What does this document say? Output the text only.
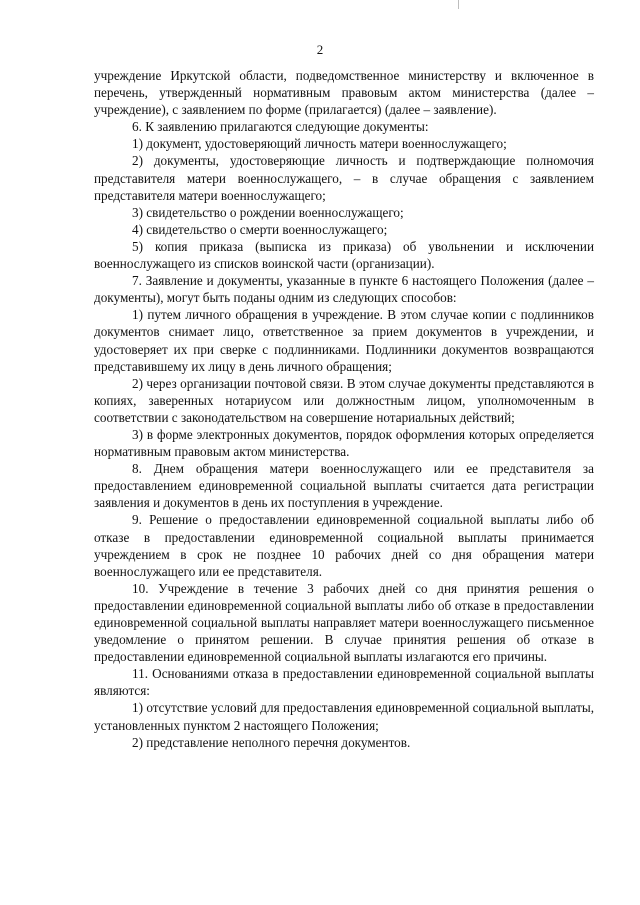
2

учреждение Иркутской области, подведомственное министерству и включенное в перечень, утвержденный нормативным правовым актом министерства (далее – учреждение), с заявлением по форме (прилагается) (далее – заявление).

6. К заявлению прилагаются следующие документы:

1) документ, удостоверяющий личность матери военнослужащего;

2) документы, удостоверяющие личность и подтверждающие полномочия представителя матери военнослужащего, – в случае обращения с заявлением представителя матери военнослужащего;

3) свидетельство о рождении военнослужащего;

4) свидетельство о смерти военнослужащего;

5) копия приказа (выписка из приказа) об увольнении и исключении военнослужащего из списков воинской части (организации).

7. Заявление и документы, указанные в пункте 6 настоящего Положения (далее – документы), могут быть поданы одним из следующих способов:

1) путем личного обращения в учреждение. В этом случае копии с подлинников документов снимает лицо, ответственное за прием документов в учреждении, и удостоверяет их при сверке с подлинниками. Подлинники документов возвращаются представившему их лицу в день личного обращения;

2) через организации почтовой связи. В этом случае документы представляются в копиях, заверенных нотариусом или должностным лицом, уполномоченным в соответствии с законодательством на совершение нотариальных действий;

3) в форме электронных документов, порядок оформления которых определяется нормативным правовым актом министерства.

8. Днем обращения матери военнослужащего или ее представителя за предоставлением единовременной социальной выплаты считается дата регистрации заявления и документов в день их поступления в учреждение.

9. Решение о предоставлении единовременной социальной выплаты либо об отказе в предоставлении единовременной социальной выплаты принимается учреждением в срок не позднее 10 рабочих дней со дня обращения матери военнослужащего или ее представителя.

10. Учреждение в течение 3 рабочих дней со дня принятия решения о предоставлении единовременной социальной выплаты либо об отказе в предоставлении единовременной социальной выплаты направляет матери военнослужащего письменное уведомление о принятом решении. В случае принятия решения об отказе в предоставлении единовременной социальной выплаты излагаются его причины.

11. Основаниями отказа в предоставлении единовременной социальной выплаты являются:

1) отсутствие условий для предоставления единовременной социальной выплаты, установленных пунктом 2 настоящего Положения;

2) представление неполного перечня документов.
